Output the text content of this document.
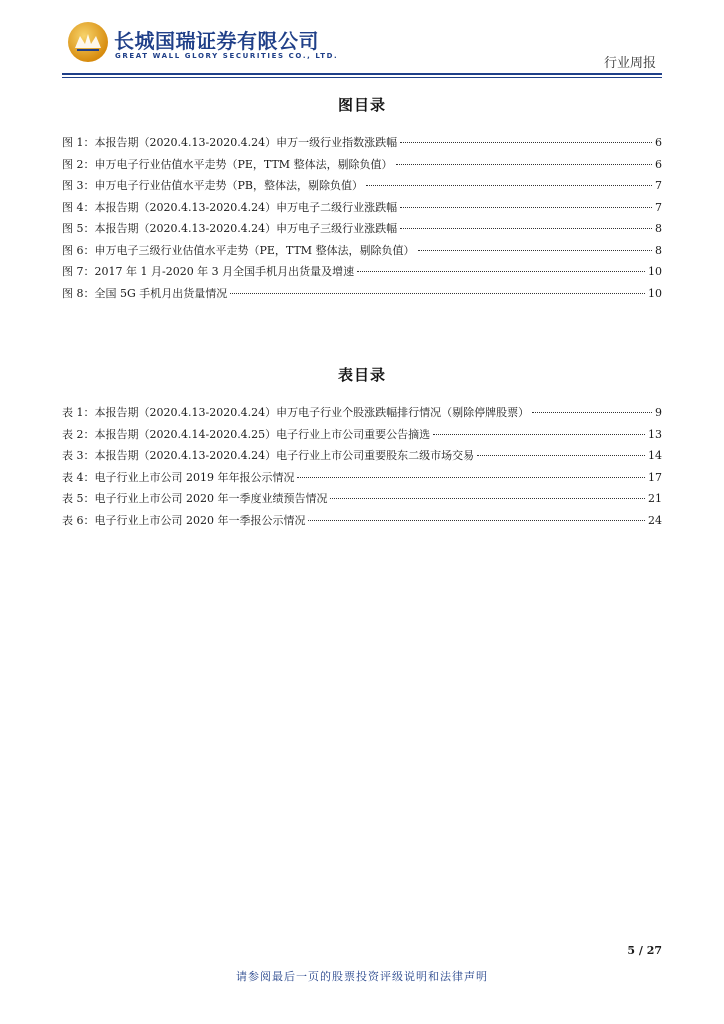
长城国瑞证券有限公司
GREAT WALL GLORY SECURITIES CO., LTD.	行业周报
图目录
图 1：本报告期（2020.4.13-2020.4.24）申万一级行业指数涨跌幅	6
图 2：申万电子行业估值水平走势（PE，TTM 整体法，剔除负值）	6
图 3：申万电子行业估值水平走势（PB，整体法，剔除负值）	7
图 4：本报告期（2020.4.13-2020.4.24）申万电子二级行业涨跌幅	7
图 5：本报告期（2020.4.13-2020.4.24）申万电子三级行业涨跌幅	8
图 6：申万电子三级行业估值水平走势（PE，TTM 整体法，剔除负值）	8
图 7：2017 年 1 月-2020 年 3 月全国手机月出货量及增速	10
图 8：全国 5G 手机月出货量情况	10
表目录
表 1：本报告期（2020.4.13-2020.4.24）申万电子行业个股涨跌幅排行情况（剔除停牌股票）	9
表 2：本报告期（2020.4.14-2020.4.25）电子行业上市公司重要公告摘选	13
表 3：本报告期（2020.4.13-2020.4.24）电子行业上市公司重要股东二级市场交易	14
表 4：电子行业上市公司 2019 年年报公示情况	17
表 5：电子行业上市公司 2020 年一季度业绩预告情况	21
表 6：电子行业上市公司 2020 年一季报公示情况	24
5 / 27
请参阅最后一页的股票投资评级说明和法律声明
